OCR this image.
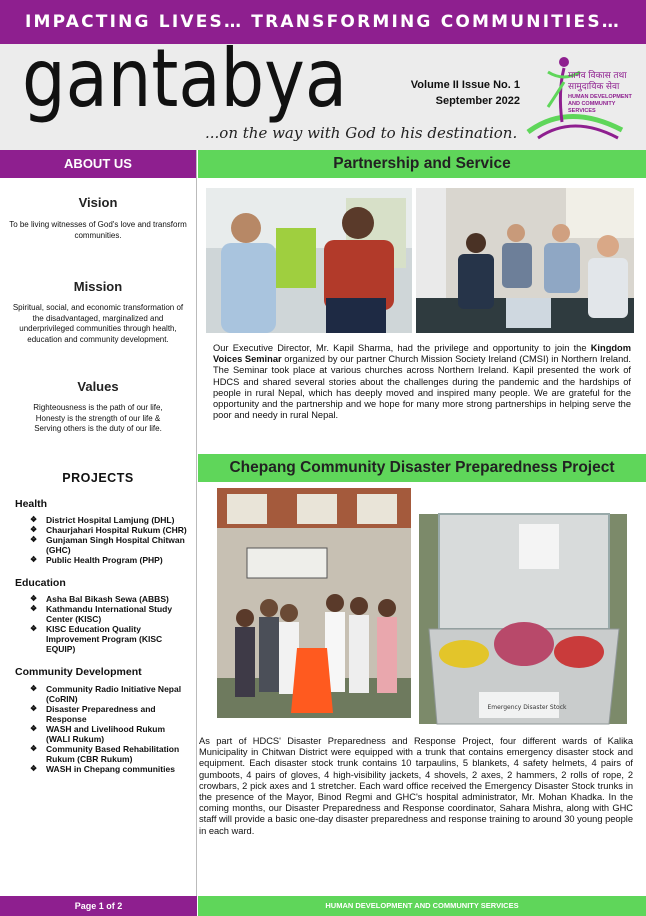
IMPACTING LIVES… TRANSFORMING COMMUNITIES…
gantabya
...on the way with God to his destination.
Volume II Issue No. 1
September 2022
मानव विकास तथा सामुदायिक सेवा
HUMAN DEVELOPMENT AND COMMUNITY SERVICES
ABOUT US
Vision
To be living witnesses of God's love and transform communities.
Mission
Spiritual, social, and economic transformation of the disadvantaged, marginalized and underprivileged communities through health, education and community development.
Values
Righteousness is the path of our life,
Honesty is the strength of our life &
Serving others is the duty of our life.
PROJECTS
Health
❖ District Hospital Lamjung (DHL)
❖ Chaurjahari Hospital Rukum (CHR)
❖ Gunjaman Singh Hospital Chitwan (GHC)
❖ Public Health Program (PHP)
Education
❖ Asha Bal Bikash Sewa (ABBS)
❖ Kathmandu International Study Center (KISC)
❖ KISC Education Quality Improvement Program (KISC EQUIP)
Community Development
❖ Community Radio Initiative Nepal (CoRIN)
❖ Disaster Preparedness and Response
❖ WASH and Livelihood Rukum (WALI Rukum)
❖ Community Based Rehabilitation Rukum (CBR Rukum)
❖ WASH in Chepang communities
Partnership and Service
Our Executive Director, Mr. Kapil Sharma, had the privilege and opportunity to join the Kingdom Voices Seminar organized by our partner Church Mission Society Ireland (CMSI) in Northern Ireland. The Seminar took place at various churches across Northern Ireland. Kapil presented the work of HDCS and shared several stories about the challenges during the pandemic and the hardships of people in rural Nepal, which has deeply moved and inspired many people. We are grateful for the opportunity and the partnership and we hope for many more strong partnerships in helping serve the poor and needy in rural Nepal.
Chepang Community Disaster Preparedness Project
Emergency Disaster Stock
As part of HDCS' Disaster Preparedness and Response Project, four different wards of Kalika Municipality in Chitwan District were equipped with a trunk that contains emergency disaster stock and equipment. Each disaster stock trunk contains 10 tarpaulins, 5 blankets, 4 safety helmets, 4 pairs of gumboots, 4 pairs of gloves, 4 high-visibility jackets, 4 shovels, 2 axes, 2 hammers, 2 rolls of rope, 2 crowbars, 2 pick axes and 1 stretcher. Each ward office received the Emergency Disaster Stock trunks in the presence of the Mayor, Binod Regmi and GHC's hospital administrator, Mr. Mohan Khadka. In the coming months, our Disaster Preparedness and Response coordinator, Sahara Mishra, along with GHC staff will provide a basic one-day disaster preparedness and response training to around 30 young people in each ward.
Page 1 of 2	HUMAN DEVELOPMENT AND COMMUNITY SERVICES
